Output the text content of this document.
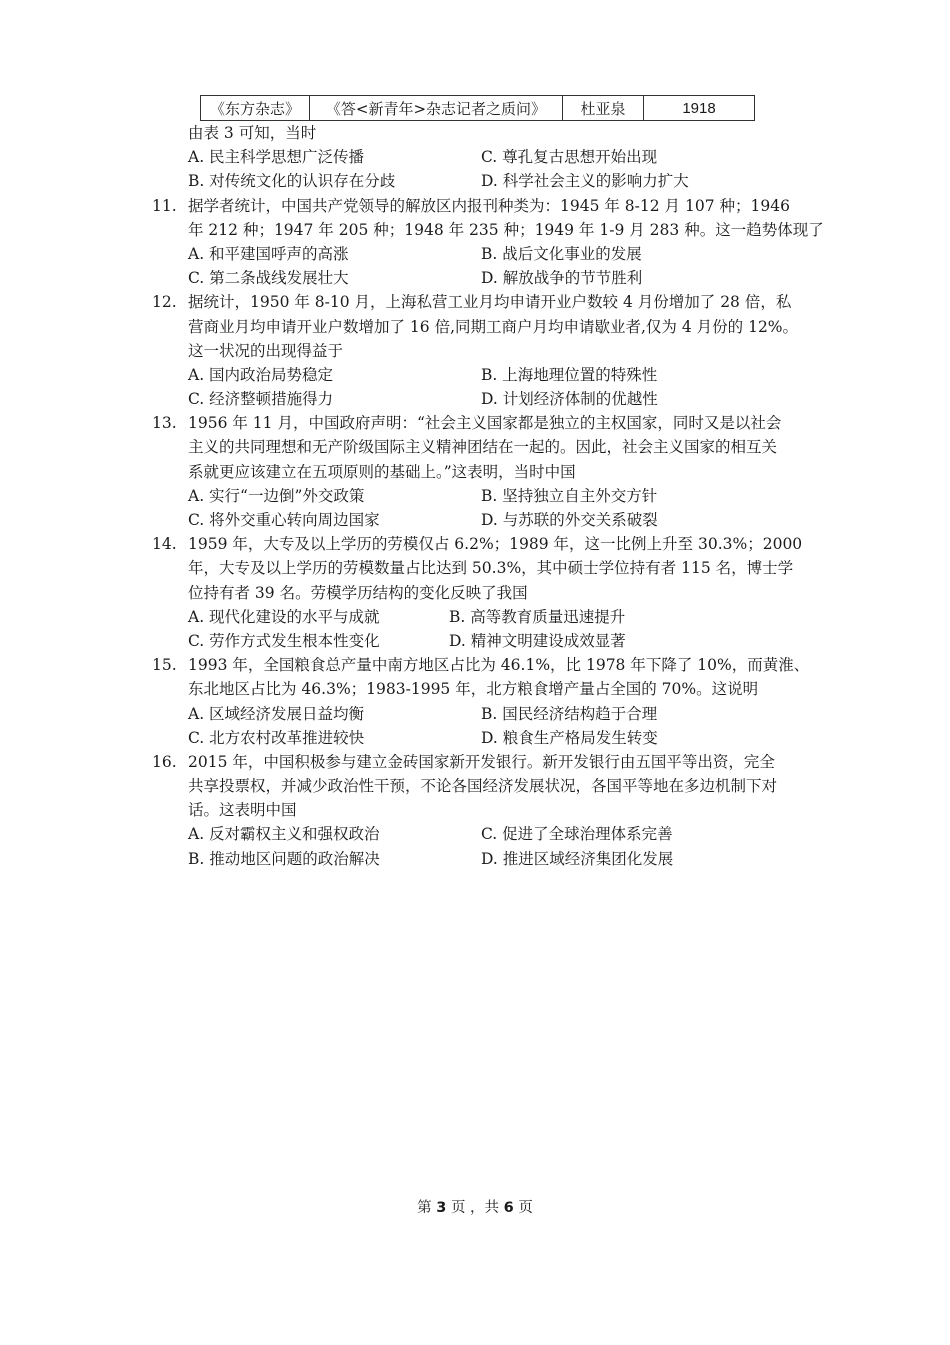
《东方杂志》	《答<新青年>杂志记者之质问》	杜亚泉	1918
由表 3 可知，当时
A. 民主科学思想广泛传播	C. 尊孔复古思想开始出现
B. 对传统文化的认识存在分歧	D. 科学社会主义的影响力扩大
11. 据学者统计，中国共产党领导的解放区内报刊种类为：1945 年 8-12 月 107 种；1946
年 212 种；1947 年 205 种；1948 年 235 种；1949 年 1-9 月 283 种。这一趋势体现了
A. 和平建国呼声的高涨	B. 战后文化事业的发展
C. 第二条战线发展壮大	D. 解放战争的节节胜利
12. 据统计，1950 年 8-10 月，上海私营工业月均申请开业户数较 4 月份增加了 28 倍，私
营商业月均申请开业户数增加了 16 倍,同期工商户月均申请歇业者,仅为 4 月份的 12%。
这一状况的出现得益于
A. 国内政治局势稳定	B. 上海地理位置的特殊性
C. 经济整顿措施得力	D. 计划经济体制的优越性
13. 1956 年 11 月，中国政府声明：“社会主义国家都是独立的主权国家，同时又是以社会
主义的共同理想和无产阶级国际主义精神团结在一起的。因此，社会主义国家的相互关
系就更应该建立在五项原则的基础上。”这表明，当时中国
A. 实行“一边倒”外交政策	B. 坚持独立自主外交方针
C. 将外交重心转向周边国家	D. 与苏联的外交关系破裂
14. 1959 年，大专及以上学历的劳模仅占 6.2%；1989 年，这一比例上升至 30.3%；2000
年，大专及以上学历的劳模数量占比达到 50.3%，其中硕士学位持有者 115 名，博士学
位持有者 39 名。劳模学历结构的变化反映了我国
A. 现代化建设的水平与成就	B. 高等教育质量迅速提升
C. 劳作方式发生根本性变化	D. 精神文明建设成效显著
15. 1993 年，全国粮食总产量中南方地区占比为 46.1%，比 1978 年下降了 10%，而黄淮、
东北地区占比为 46.3%；1983-1995 年，北方粮食增产量占全国的 70%。这说明
A. 区域经济发展日益均衡	B. 国民经济结构趋于合理
C. 北方农村改革推进较快	D. 粮食生产格局发生转变
16. 2015 年，中国积极参与建立金砖国家新开发银行。新开发银行由五国平等出资，完全
共享投票权，并减少政治性干预，不论各国经济发展状况，各国平等地在多边机制下对
话。这表明中国
A. 反对霸权主义和强权政治	C. 促进了全球治理体系完善
B. 推动地区问题的政治解决	D. 推进区域经济集团化发展
第 3 页 ，共 6 页
